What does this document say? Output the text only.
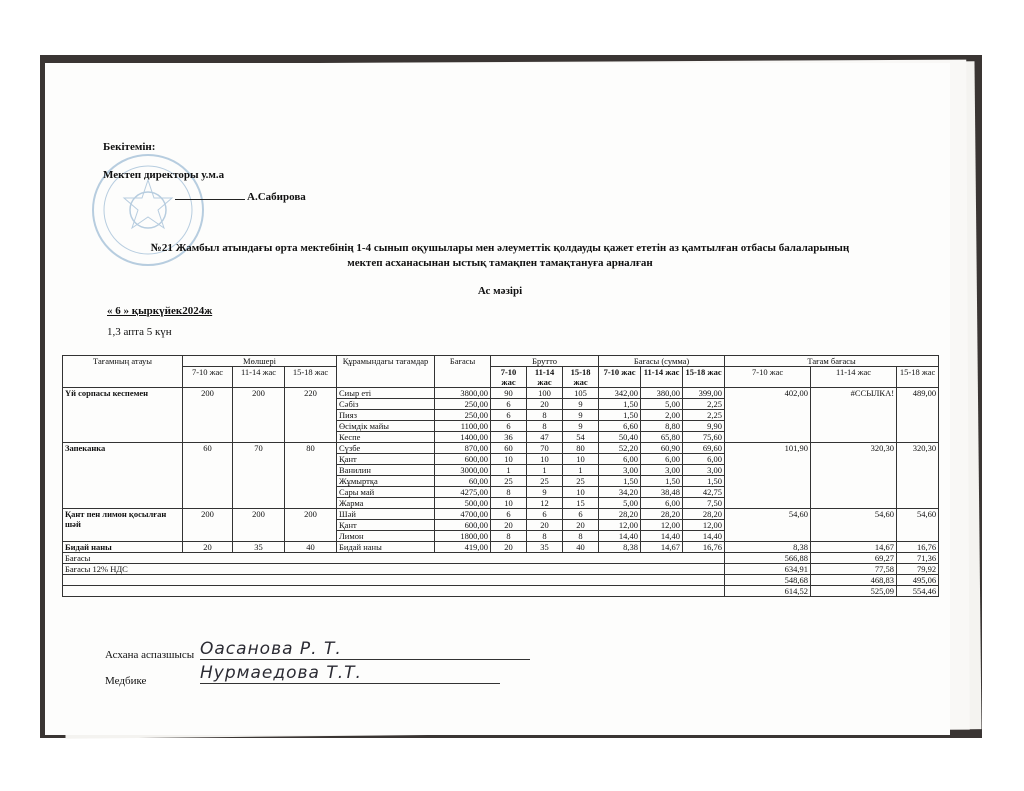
Бекітемін:
Мектеп директоры у.м.а
А.Сабирова
№21 Жамбыл атындағы орта мектебінің 1-4 сынып оқушылары мен әлеуметтік қолдауды қажет ететін аз қамтылған отбасы балаларының
мектеп асханасынан ыстық тамақпен тамақтануға арналған
Ас мәзірі
« 6 » қыркүйек2024ж
1,3 апта 5 күн
Тағамның атауы	Мөлшері			Құрамындағы тағамдар	Бағасы	Брутто			Бағасы (сумма)			Тағам бағасы		
	7-10 жас	11-14 жас	15-18 жас			7-10 жас	11-14 жас	15-18 жас	7-10 жас	11-14 жас	15-18 жас	7-10 жас	11-14 жас	15-18 жас
Үй сорпасы кеспемен	200	200	220	Сиыр еті	3800,00	90	100	105	342,00	380,00	399,00	402,00	#ССЫЛКА!	489,00
				Сәбіз	250,00	6	20	9	1,50	5,00	2,25			
				Пияз	250,00	6	8	9	1,50	2,00	2,25			
				Өсімдік майы	1100,00	6	8	9	6,60	8,80	9,90			
				Кеспе	1400,00	36	47	54	50,40	65,80	75,60			
Запеканка	60	70	80	Сүзбе	870,00	60	70	80	52,20	60,90	69,60	101,90	320,30	320,30
				Қант	600,00	10	10	10	6,00	6,00	6,00			
				Ванилин	3000,00	1	1	1	3,00	3,00	3,00			
				Жұмыртқа	60,00	25	25	25	1,50	1,50	1,50			
				Сары май	4275,00	8	9	10	34,20	38,48	42,75			
				Жарма	500,00	10	12	15	5,00	6,00	7,50			
Қант пен лимон қосылған шәй	200	200	200	Шәй	4700,00	6	6	6	28,20	28,20	28,20	54,60	54,60	54,60
				Қант	600,00	20	20	20	12,00	12,00	12,00			
				Лимон	1800,00	8	8	8	14,40	14,40	14,40			
Бидай наны	20	35	40	Бидай наны	419,00	20	35	40	8,38	14,67	16,76	8,38	14,67	16,76
Бағасы												566,88	69,27	71,36
Бағасы 12% НДС												634,91	77,58	79,92
												548,68	468,83	495,06
												614,52	525,09	554,46
Асхана аспазшысы Оасанова Р. Т.
Медбике	Нурмаедова Т.Т.
